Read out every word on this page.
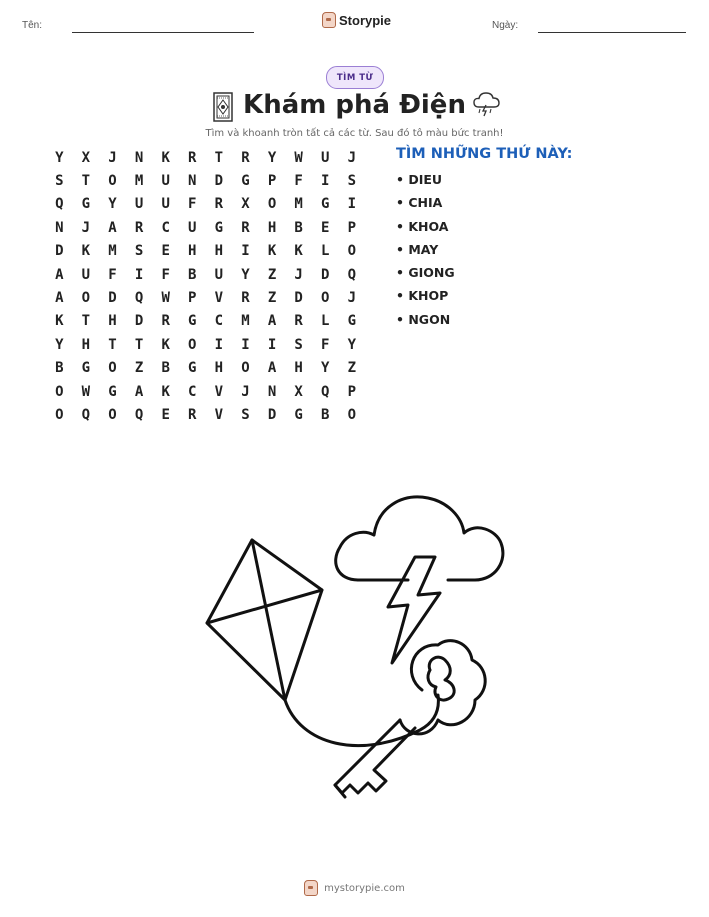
Tên:	Storypie	Ngày:
TÌM TỪ
Khám phá Điện
Tìm và khoanh tròn tất cả các từ. Sau đó tô màu bức tranh!
Y	X	J	N	K	R	T	R	Y	W	U	J
S	T	O	M	U	N	D	G	P	F	I	S
Q	G	Y	U	U	F	R	X	O	M	G	I
N	J	A	R	C	U	G	R	H	B	E	P
D	K	M	S	E	H	H	I	K	K	L	O
A	U	F	I	F	B	U	Y	Z	J	D	Q
A	O	D	Q	W	P	V	R	Z	D	O	J
K	T	H	D	R	G	C	M	A	R	L	G
Y	H	T	T	K	O	I	I	I	S	F	Y
B	G	O	Z	B	G	H	O	A	H	Y	Z
O	W	G	A	K	C	V	J	N	X	Q	P
O	Q	O	Q	E	R	V	S	D	G	B	O
TÌM NHỮNG THỨ NÀY:
• DIEU
• CHIA
• KHOA
• MAY
• GIONG
• KHOP
• NGON
mystorypie.com
